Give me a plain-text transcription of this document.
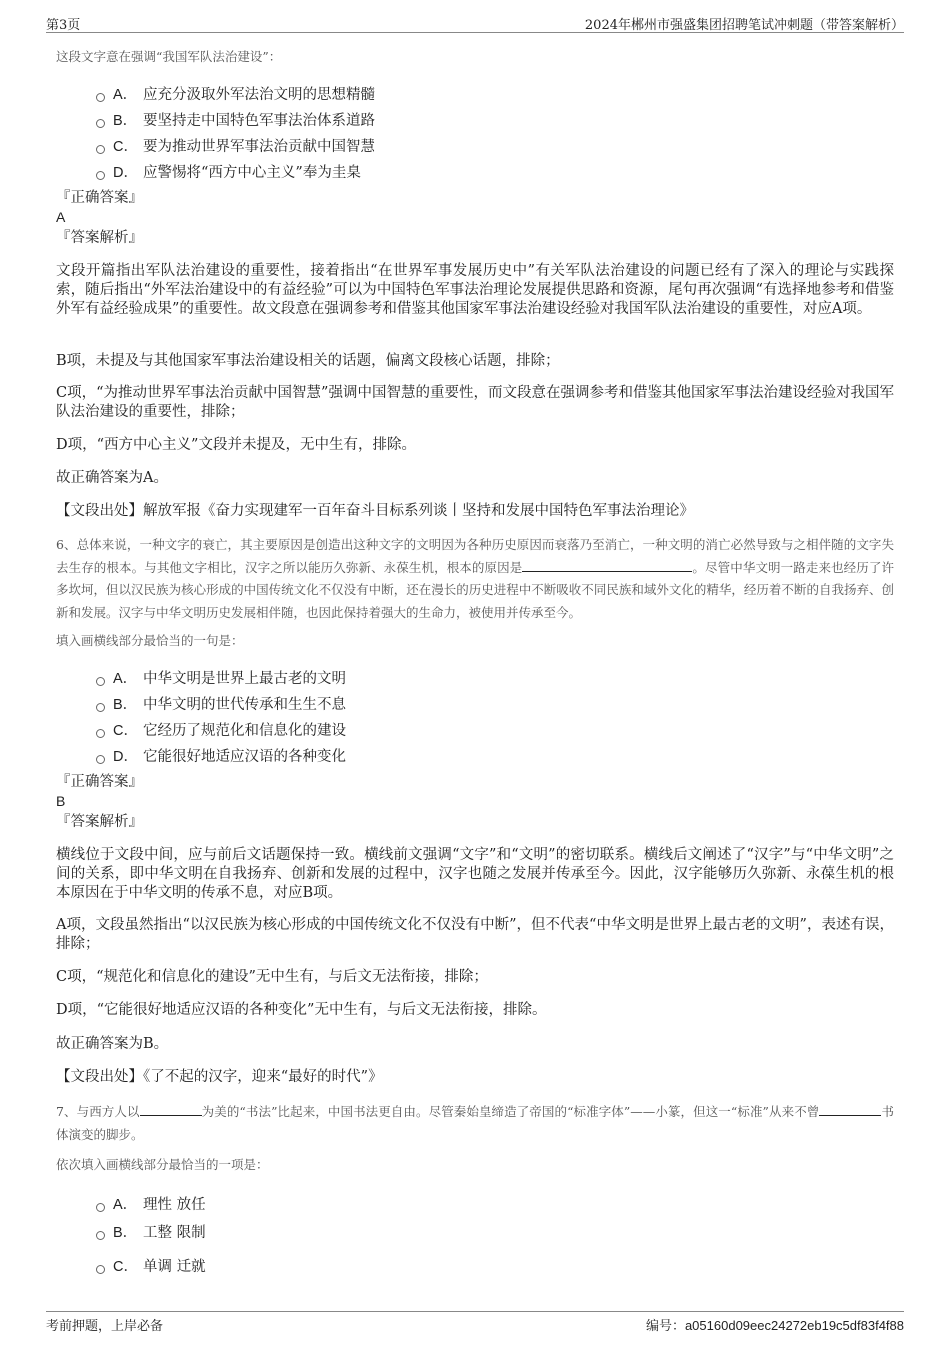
第3页	2024年郴州市强盛集团招聘笔试冲刺题（带答案解析）
这段文字意在强调“我国军队法治建设”：
A． 应充分汲取外军法治文明的思想精髓
B． 要坚持走中国特色军事法治体系道路
C． 要为推动世界军事法治贡献中国智慧
D． 应警惕将“西方中心主义”奉为圭臬
『正确答案』
A
『答案解析』
文段开篇指出军队法治建设的重要性，接着指出“在世界军事发展历史中”有关军队法治建设的问题已经有了深入的理论与实践探索，随后指出“外军法治建设中的有益经验”可以为中国特色军事法治理论发展提供思路和资源，尾句再次强调“有选择地参考和借鉴外军有益经验成果”的重要性。故文段意在强调参考和借鉴其他国家军事法治建设经验对我国军队法治建设的重要性，对应A项。
B项，未提及与其他国家军事法治建设相关的话题，偏离文段核心话题，排除；
C项，“为推动世界军事法治贡献中国智慧”强调中国智慧的重要性，而文段意在强调参考和借鉴其他国家军事法治建设经验对我国军队法治建设的重要性，排除；
D项，“西方中心主义”文段并未提及，无中生有，排除。
故正确答案为A。
【文段出处】解放军报《奋力实现建军一百年奋斗目标系列谈丨坚持和发展中国特色军事法治理论》
6、总体来说，一种文字的衰亡，其主要原因是创造出这种文字的文明因为各种历史原因而衰落乃至消亡，一种文明的消亡必然导致与之相伴随的文字失去生存的根本。与其他文字相比，汉字之所以能历久弥新、永葆生机，根本的原因是	。尽管中华文明一路走来也经历了许多坎坷，但以汉民族为核心形成的中国传统文化不仅没有中断，还在漫长的历史进程中不断吸收不同民族和域外文化的精华，经历着不断的自我扬弃、创新和发展。汉字与中华文明历史发展相伴随，也因此保持着强大的生命力，被使用并传承至今。
填入画横线部分最恰当的一句是：
A． 中华文明是世界上最古老的文明
B． 中华文明的世代传承和生生不息
C． 它经历了规范化和信息化的建设
D． 它能很好地适应汉语的各种变化
『正确答案』
B
『答案解析』
横线位于文段中间，应与前后文话题保持一致。横线前文强调“文字”和“文明”的密切联系。横线后文阐述了“汉字”与“中华文明”之间的关系，即中华文明在自我扬弃、创新和发展的过程中，汉字也随之发展并传承至今。因此，汉字能够历久弥新、永葆生机的根本原因在于中华文明的传承不息，对应B项。
A项，文段虽然指出“以汉民族为核心形成的中国传统文化不仅没有中断”，但不代表“中华文明是世界上最古老的文明”，表述有误，排除；
C项，“规范化和信息化的建设”无中生有，与后文无法衔接，排除；
D项，“它能很好地适应汉语的各种变化”无中生有，与后文无法衔接，排除。
故正确答案为B。
【文段出处】《了不起的汉字，迎来“最好的时代”》
7、与西方人以	为美的“书法”比起来，中国书法更自由。尽管秦始皇缔造了帝国的“标准字体”——小篆，但这一“标准”从来不曾	书体演变的脚步。
依次填入画横线部分最恰当的一项是：
A． 理性 放任
B． 工整 限制
C． 单调 迁就
考前押题，上岸必备	编号：a05160d09eec24272eb19c5df83f4f88
